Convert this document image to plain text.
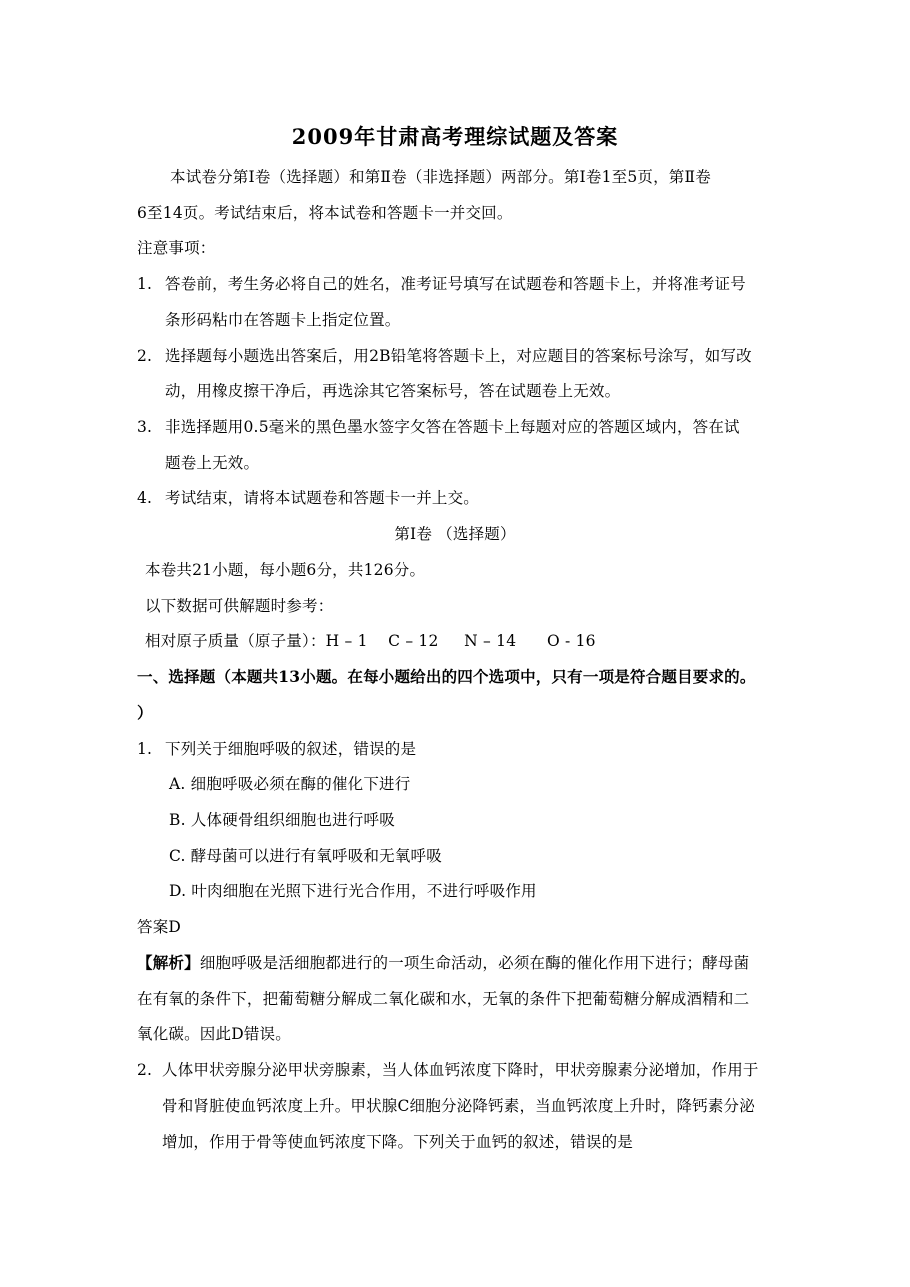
2009年甘肃高考理综试题及答案
本试卷分第Ⅰ卷（选择题）和第Ⅱ卷（非选择题）两部分。第Ⅰ卷1至5页，第Ⅱ卷
6至14页。考试结束后，将本试卷和答题卡一并交回。
注意事项：
1. 答卷前，考生务必将自己的姓名，准考证号填写在试题卷和答题卡上，并将准考证号
条形码粘巾在答题卡上指定位置。
2. 选择题每小题选出答案后，用2B铅笔将答题卡上，对应题目的答案标号涂写，如写改
动，用橡皮擦干净后，再选涂其它答案标号，答在试题卷上无效。
3. 非选择题用0.5毫米的黑色墨水签字攵答在答题卡上每题对应的答题区域内，答在试
题卷上无效。
4. 考试结束，请将本试题卷和答题卡一并上交。
第Ⅰ卷 （选择题）
本卷共21小题，每小题6分，共126分。
以下数据可供解题时参考：
相对原子质量（原子量）：H – 1    C – 12     N – 14      O - 16
一、选择题（本题共13小题。在每小题给出的四个选项中，只有一项是符合题目要求的。
）
1. 下列关于细胞呼吸的叙述，错误的是
A. 细胞呼吸必须在酶的催化下进行
B. 人体硬骨组织细胞也进行呼吸
C. 酵母菌可以进行有氧呼吸和无氧呼吸
D. 叶肉细胞在光照下进行光合作用，不进行呼吸作用
答案D
【解析】细胞呼吸是活细胞都进行的一项生命活动，必须在酶的催化作用下进行；酵母菌
在有氧的条件下，把葡萄糖分解成二氧化碳和水，无氧的条件下把葡萄糖分解成酒精和二
氧化碳。因此D错误。
2. 人体甲状旁腺分泌甲状旁腺素，当人体血钙浓度下降时，甲状旁腺素分泌增加，作用于
骨和肾脏使血钙浓度上升。甲状腺C细胞分泌降钙素，当血钙浓度上升时，降钙素分泌
增加，作用于骨等使血钙浓度下降。下列关于血钙的叙述，错误的是
